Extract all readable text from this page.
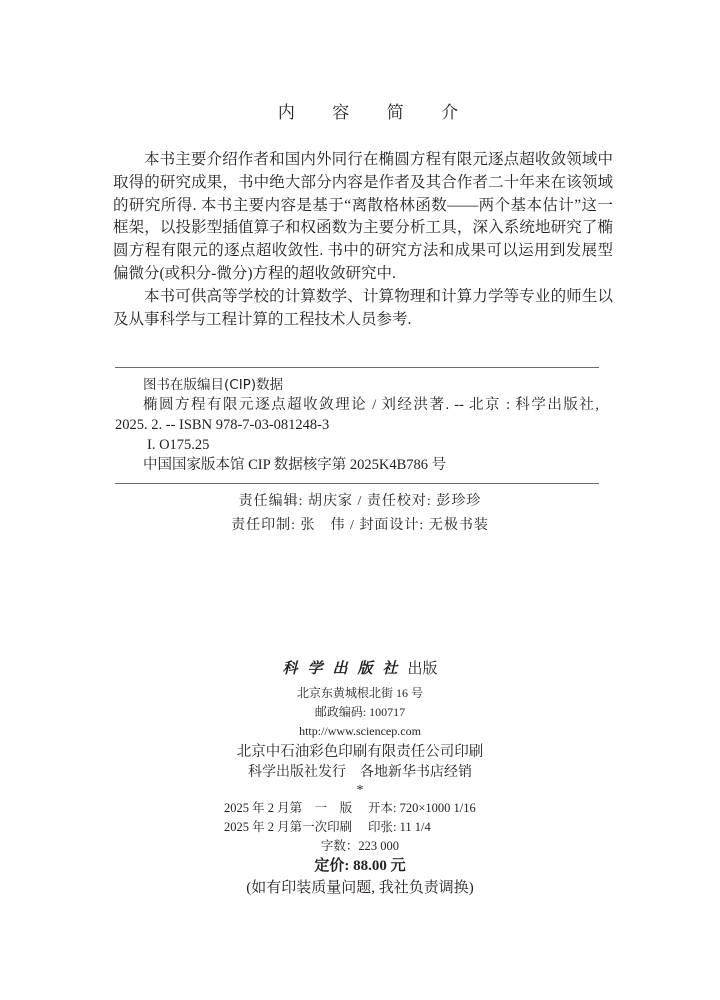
内 容 简 介
本书主要介绍作者和国内外同行在椭圆方程有限元逐点超收敛领域中
取得的研究成果，书中绝大部分内容是作者及其合作者二十年来在该领域
的研究所得. 本书主要内容是基于“离散格林函数——两个基本估计”这一
框架，以投影型插值算子和权函数为主要分析工具，深入系统地研究了椭
圆方程有限元的逐点超收敛性. 书中的研究方法和成果可以运用到发展型
偏微分(或积分-微分)方程的超收敛研究中.
本书可供高等学校的计算数学、计算物理和计算力学等专业的师生以
及从事科学与工程计算的工程技术人员参考.
图书在版编目(CIP)数据
椭圆方程有限元逐点超收敛理论 / 刘经洪著. -- 北京 : 科学出版社,
2025. 2. -- ISBN 978-7-03-081248-3
I. O175.25
中国国家版本馆 CIP 数据核字第 2025K4B786 号
责任编辑: 胡庆家 / 责任校对: 彭珍珍
责任印制: 张　伟 / 封面设计: 无极书装
科学出版社出版
北京东黄城根北街 16 号
邮政编码: 100717
http://www.sciencep.com
北京中石油彩色印刷有限责任公司印刷
科学出版社发行　各地新华书店经销
*
2025 年 2 月第　一　版 开本: 720×1000 1/16
2025 年 2 月第一次印刷 印张: 11 1/4
字数：223 000
定价: 88.00 元
(如有印装质量问题, 我社负责调换)
